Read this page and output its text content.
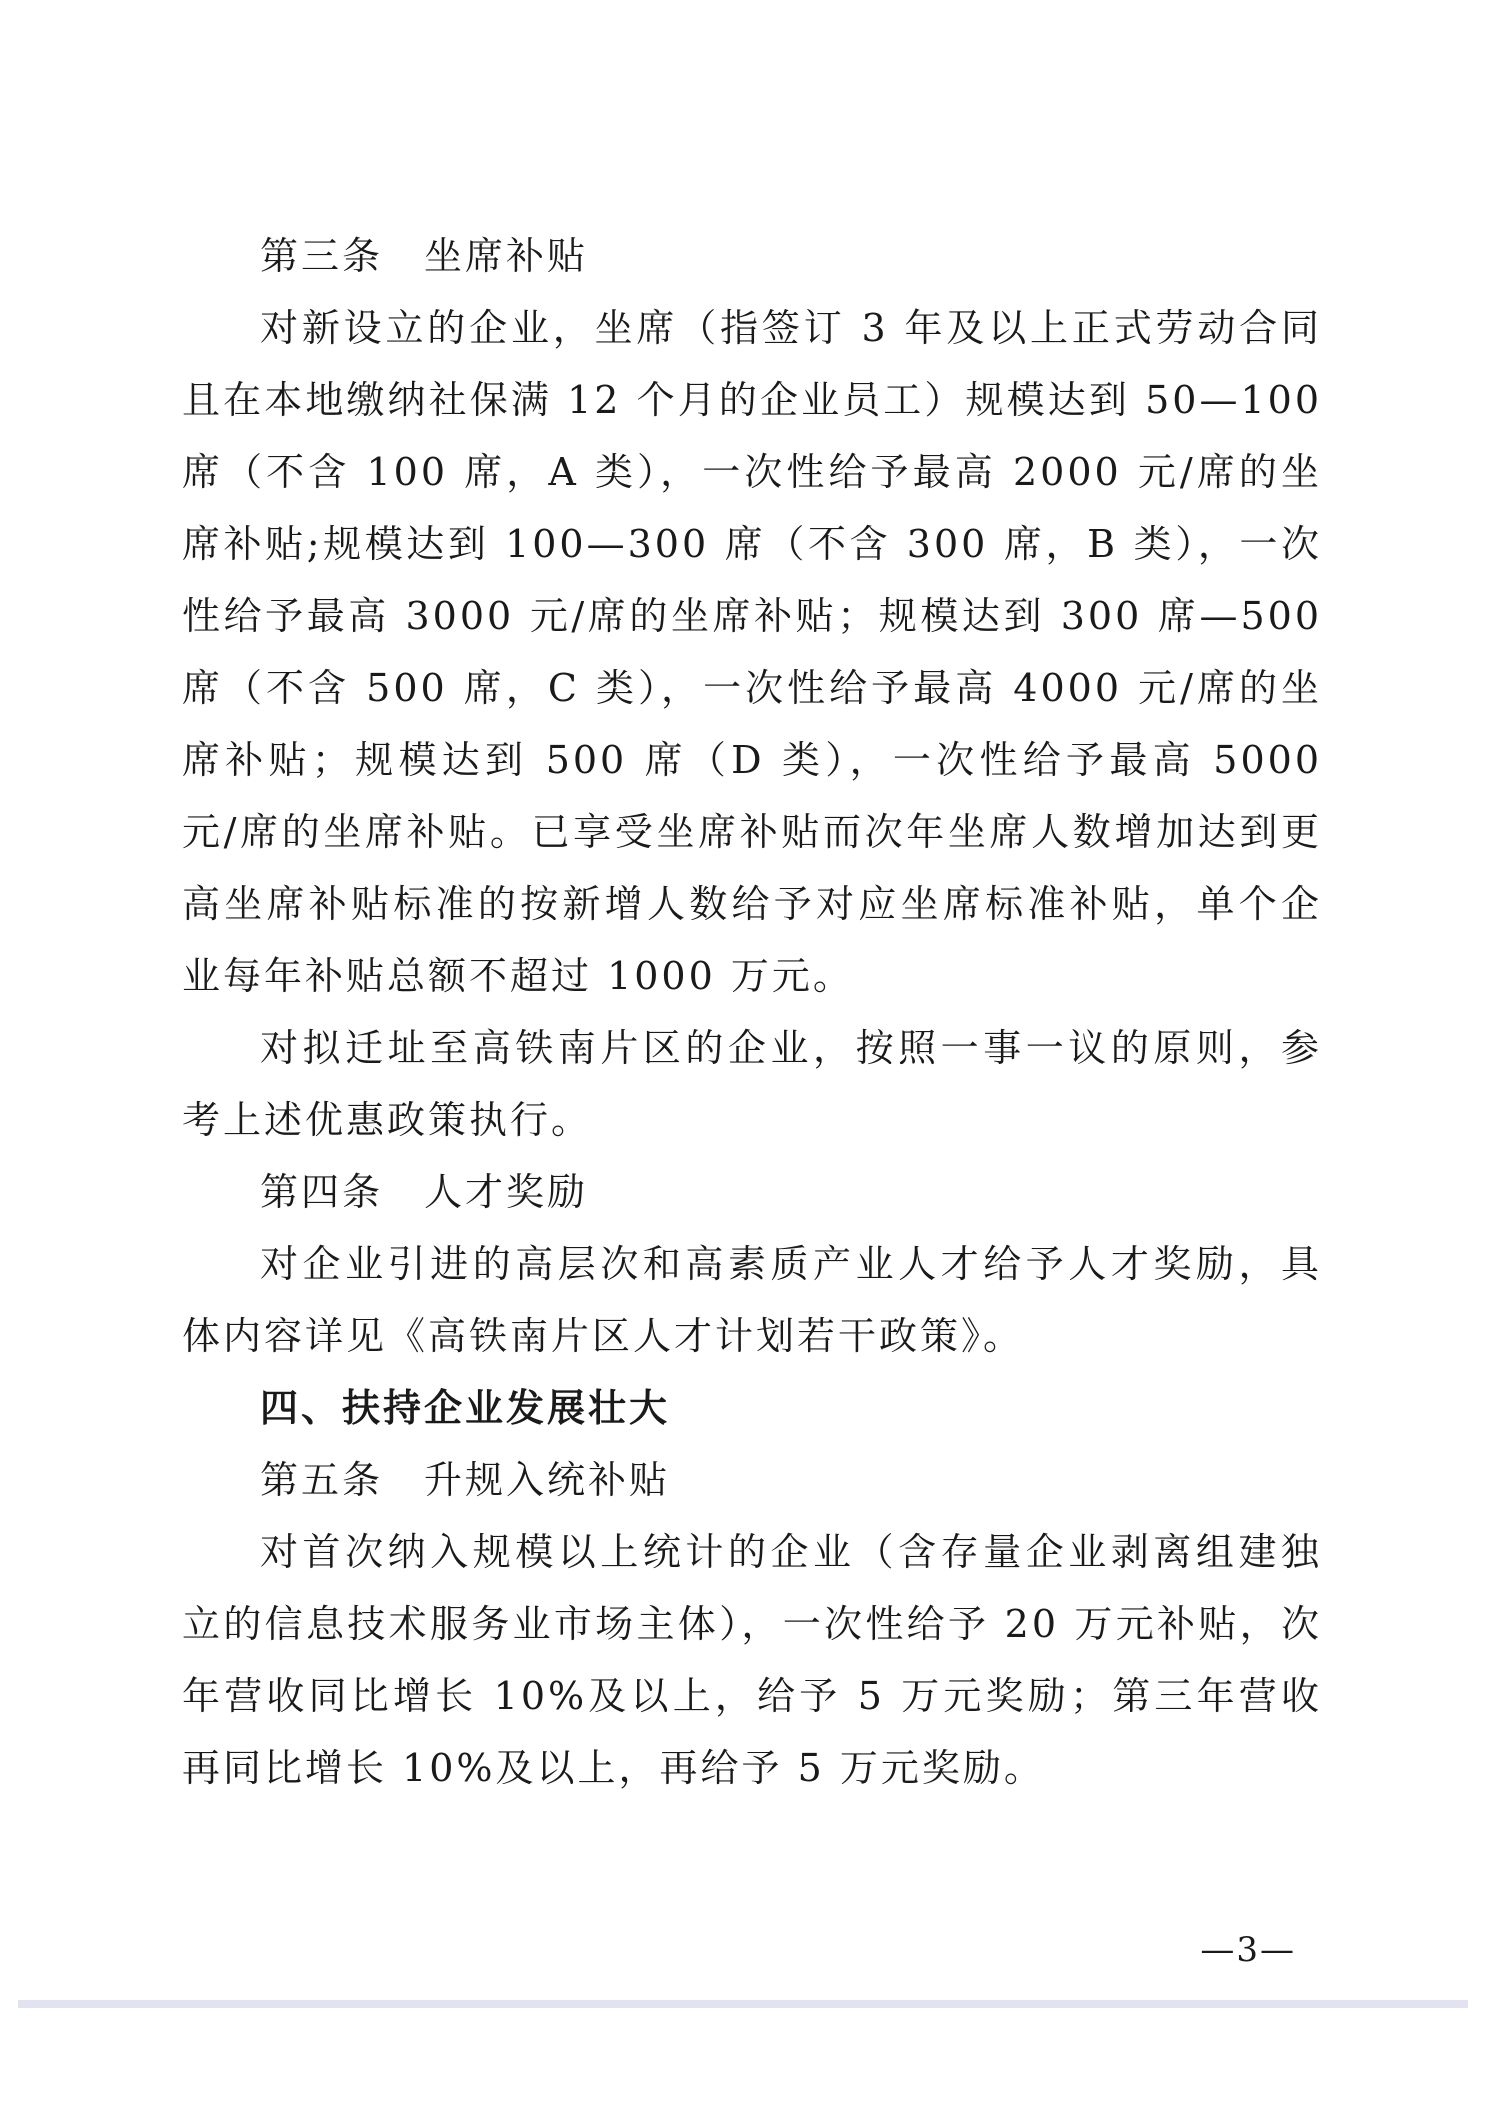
第三条　坐席补贴

对新设立的企业，坐席（指签订 3 年及以上正式劳动合同且在本地缴纳社保满 12 个月的企业员工）规模达到 50—100 席（不含 100 席，A 类），一次性给予最高 2000 元/席的坐席补贴;规模达到 100—300 席（不含 300 席，B 类），一次性给予最高 3000 元/席的坐席补贴；规模达到 300 席—500 席（不含 500 席，C 类），一次性给予最高 4000 元/席的坐席补贴；规模达到 500 席（D 类），一次性给予最高 5000 元/席的坐席补贴。已享受坐席补贴而次年坐席人数增加达到更高坐席补贴标准的按新增人数给予对应坐席标准补贴，单个企业每年补贴总额不超过 1000 万元。

对拟迁址至高铁南片区的企业，按照一事一议的原则，参考上述优惠政策执行。

第四条　人才奖励

对企业引进的高层次和高素质产业人才给予人才奖励，具体内容详见《高铁南片区人才计划若干政策》。

四、扶持企业发展壮大

第五条　升规入统补贴

对首次纳入规模以上统计的企业（含存量企业剥离组建独立的信息技术服务业市场主体），一次性给予 20 万元补贴，次年营收同比增长 10%及以上，给予 5 万元奖励；第三年营收再同比增长 10%及以上，再给予 5 万元奖励。

—3—
